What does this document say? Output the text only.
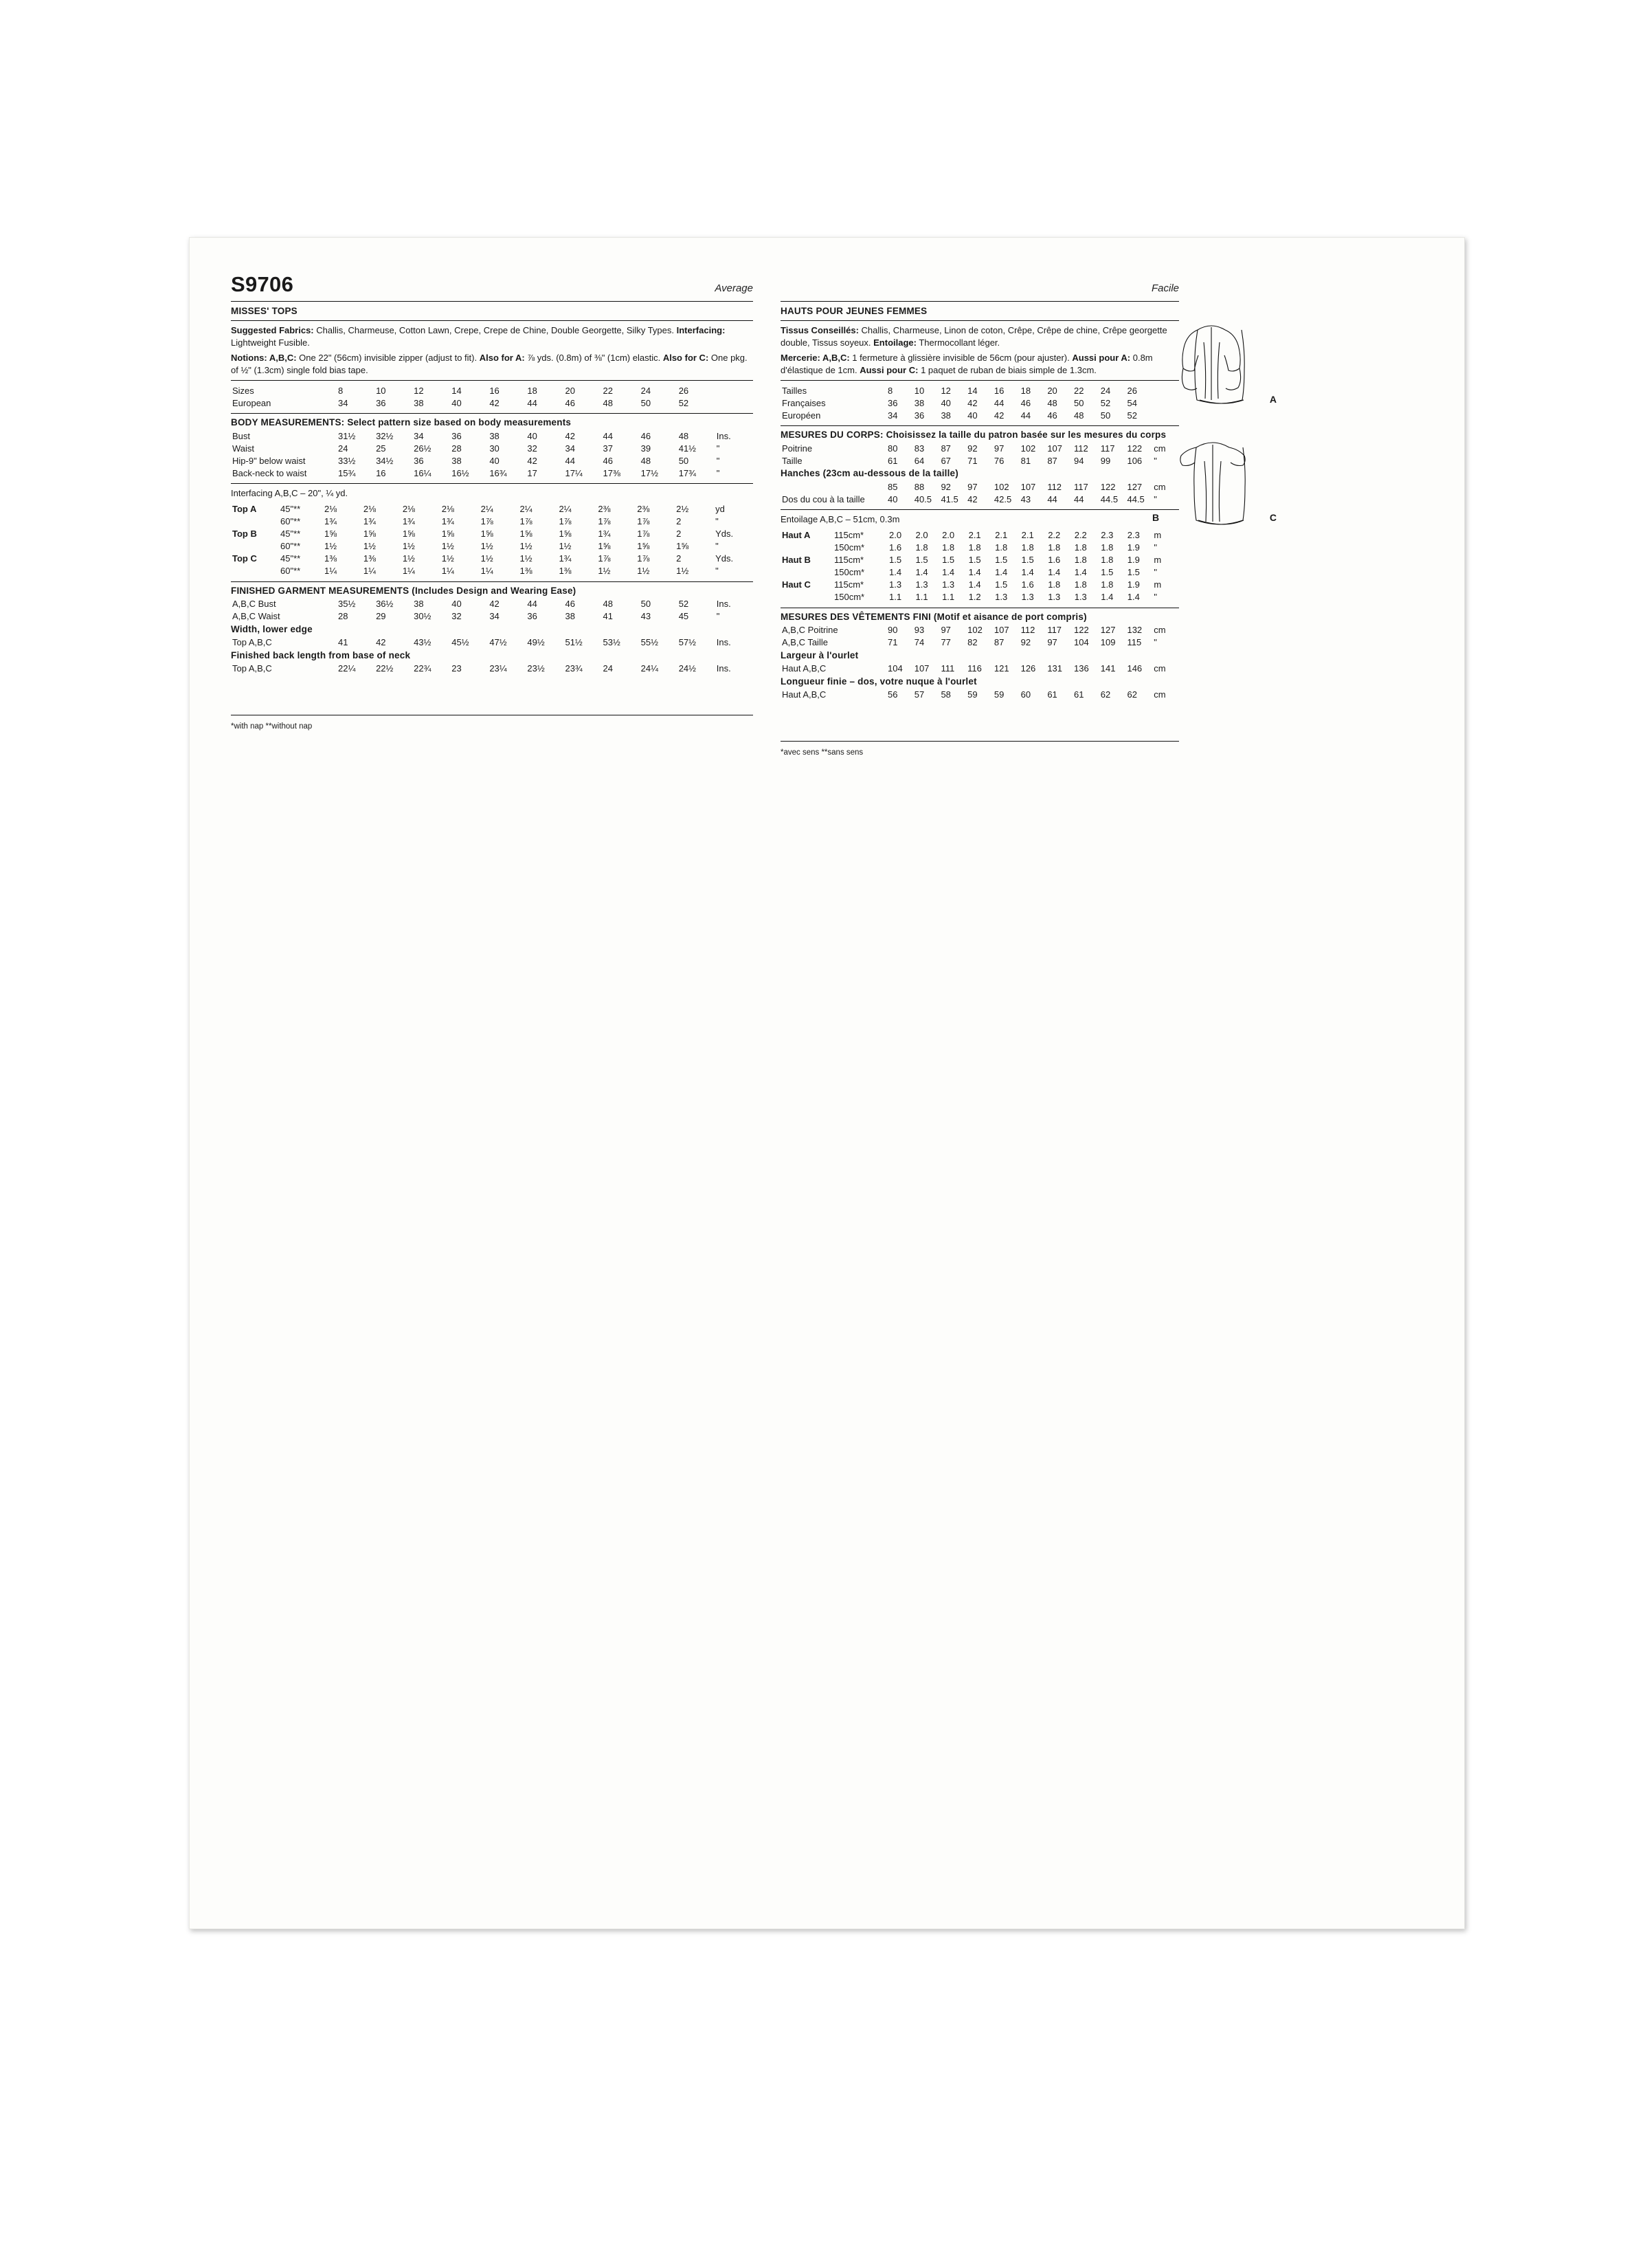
S9706	Average
MISSES' TOPS

Suggested Fabrics: Challis, Charmeuse, Cotton Lawn, Crepe, Crepe de Chine, Double Georgette, Silky Types. Interfacing: Lightweight Fusible.

Notions: A,B,C: One 22" (56cm) invisible zipper (adjust to fit). Also for A: ⅞ yds. (0.8m) of ⅜" (1cm) elastic. Also for C: One pkg. of ½" (1.3cm) single fold bias tape.

Sizes	8	10	12	14	16	18	20	22	24	26	
European	34	36	38	40	42	44	46	48	50	52	
BODY MEASUREMENTS: Select pattern size based on body measurements
Bust	31½	32½	34	36	38	40	42	44	46	48	Ins.
Waist	24	25	26½	28	30	32	34	37	39	41½	"
Hip-9" below waist	33½	34½	36	38	40	42	44	46	48	50	"
Back-neck to waist	15¾	16	16¼	16½	16¾	17	17¼	17⅜	17½	17¾	"
Interfacing A,B,C – 20", ¼ yd.
Top A	45"**	2⅛	2⅛	2⅛	2⅛	2¼	2¼	2¼	2⅜	2⅜	2½	yd
	60"**	1¾	1¾	1¾	1¾	1⅞	1⅞	1⅞	1⅞	1⅞	2	"
Top B	45"**	1⅝	1⅝	1⅝	1⅝	1⅝	1⅝	1⅝	1¾	1⅞	2	Yds.
	60"**	1½	1½	1½	1½	1½	1½	1½	1⅝	1⅝	1⅝	"
Top C	45"**	1⅜	1⅜	1½	1½	1½	1½	1¾	1⅞	1⅞	2	Yds.
	60"**	1¼	1¼	1¼	1¼	1¼	1⅜	1⅜	1½	1½	1½	"
FINISHED GARMENT MEASUREMENTS (Includes Design and Wearing Ease)
A,B,C Bust	35½	36½	38	40	42	44	46	48	50	52	Ins.
A,B,C Waist	28	29	30½	32	34	36	38	41	43	45	"
Width, lower edge
Top A,B,C	41	42	43½	45½	47½	49½	51½	53½	55½	57½	Ins.
Finished back length from base of neck
Top A,B,C	22¼	22½	22¾	23	23¼	23½	23¾	24	24¼	24½	Ins.
*with nap **without nap
Facile
HAUTS POUR JEUNES FEMMES

Tissus Conseillés: Challis, Charmeuse, Linon de coton, Crêpe, Crêpe de chine, Crêpe georgette double, Tissus soyeux. Entoilage: Thermocollant léger.

Mercerie: A,B,C: 1 fermeture à glissière invisible de 56cm (pour ajuster). Aussi pour A: 0.8m d'élastique de 1cm. Aussi pour C: 1 paquet de ruban de biais simple de 1.3cm.

Tailles	8	10	12	14	16	18	20	22	24	26	
Françaises	36	38	40	42	44	46	48	50	52	54	
Européen	34	36	38	40	42	44	46	48	50	52	
MESURES DU CORPS: Choisissez la taille du patron basée sur les mesures du corps
Poitrine	80	83	87	92	97	102	107	112	117	122	cm
Taille	61	64	67	71	76	81	87	94	99	106	"
Hanches (23cm au-dessous de la taille)
	85	88	92	97	102	107	112	117	122	127	cm
Dos du cou à la taille	40	40.5	41.5	42	42.5	43	44	44	44.5	44.5	"
Entoilage A,B,C – 51cm, 0.3m
Haut A	115cm*	2.0	2.0	2.0	2.1	2.1	2.1	2.2	2.2	2.3	2.3	m
	150cm*	1.6	1.8	1.8	1.8	1.8	1.8	1.8	1.8	1.8	1.9	"
Haut B	115cm*	1.5	1.5	1.5	1.5	1.5	1.5	1.6	1.8	1.8	1.9	m
	150cm*	1.4	1.4	1.4	1.4	1.4	1.4	1.4	1.4	1.5	1.5	"
Haut C	115cm*	1.3	1.3	1.3	1.4	1.5	1.6	1.8	1.8	1.8	1.9	m
	150cm*	1.1	1.1	1.1	1.2	1.3	1.3	1.3	1.3	1.4	1.4	"
MESURES DES VÊTEMENTS FINI (Motif et aisance de port compris)
A,B,C Poitrine	90	93	97	102	107	112	117	122	127	132	cm
A,B,C Taille	71	74	77	82	87	92	97	104	109	115	"
Largeur à l'ourlet
Haut A,B,C	104	107	111	116	121	126	131	136	141	146	cm
Longueur finie – dos, votre nuque à l'ourlet
Haut A,B,C	56	57	58	59	59	60	61	61	62	62	cm
*avec sens **sans sens
A
B	C
